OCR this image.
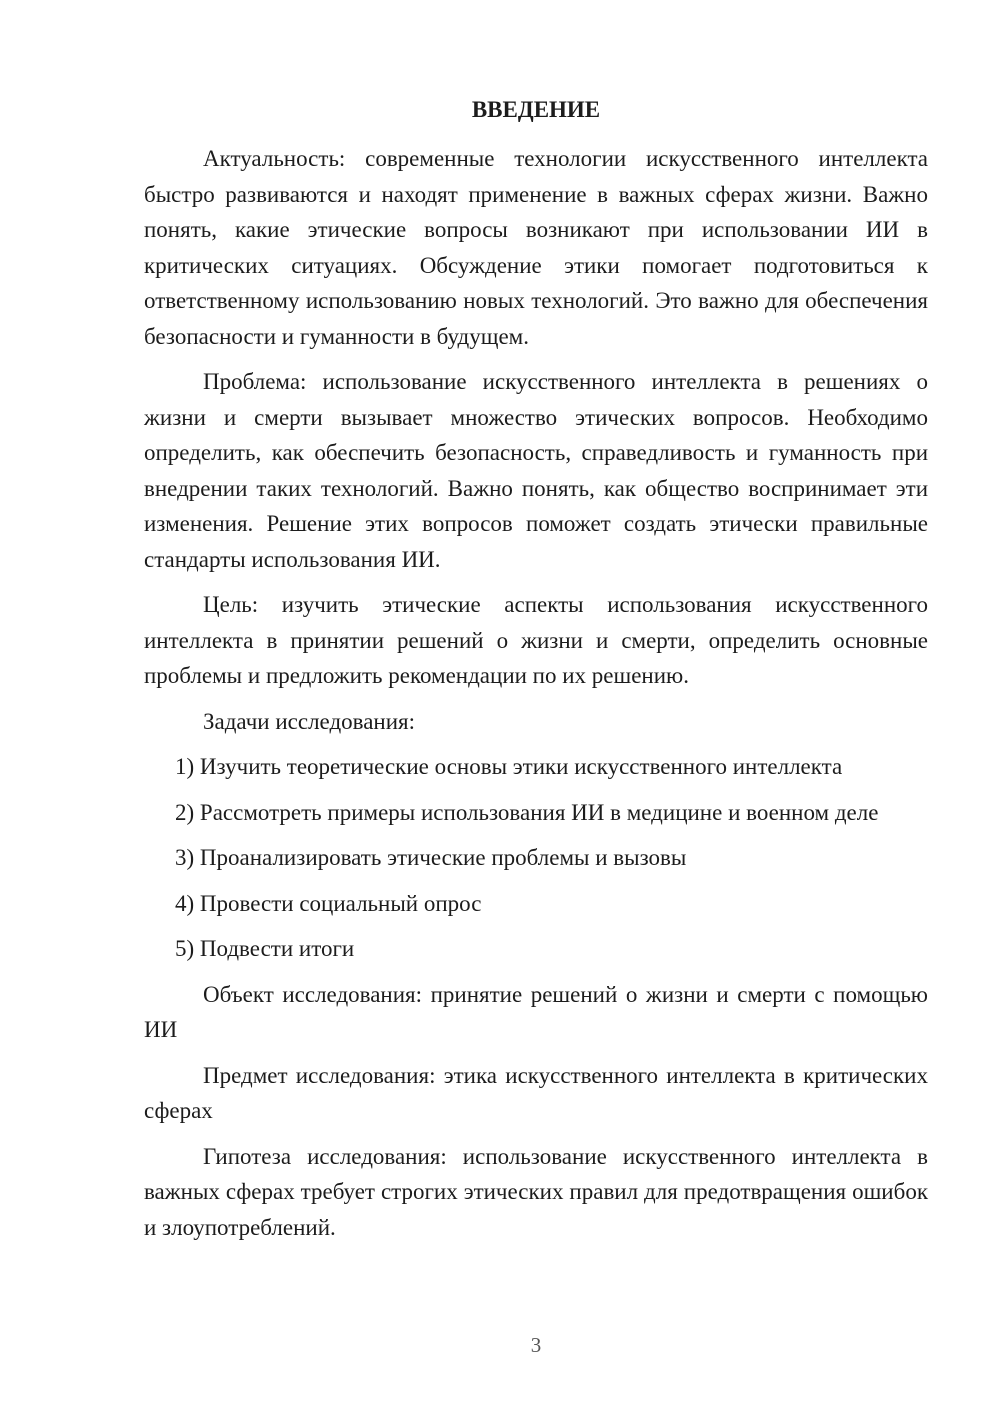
ВВЕДЕНИЕ

Актуальность: современные технологии искусственного интеллекта быстро развиваются и находят применение в важных сферах жизни. Важно понять, какие этические вопросы возникают при использовании ИИ в критических ситуациях. Обсуждение этики помогает подготовиться к ответственному использованию новых технологий. Это важно для обеспечения безопасности и гуманности в будущем.

Проблема: использование искусственного интеллекта в решениях о жизни и смерти вызывает множество этических вопросов. Необходимо определить, как обеспечить безопасность, справедливость и гуманность при внедрении таких технологий. Важно понять, как общество воспринимает эти изменения. Решение этих вопросов поможет создать этически правильные стандарты использования ИИ.

Цель: изучить этические аспекты использования искусственного интеллекта в принятии решений о жизни и смерти, определить основные проблемы и предложить рекомендации по их решению.

Задачи исследования:

1) Изучить теоретические основы этики искусственного интеллекта

2) Рассмотреть примеры использования ИИ в медицине и военном деле

3) Проанализировать этические проблемы и вызовы

4) Провести социальный опрос

5) Подвести итоги

Объект исследования: принятие решений о жизни и смерти с помощью ИИ

Предмет исследования: этика искусственного интеллекта в критических сферах

Гипотеза исследования: использование искусственного интеллекта в важных сферах требует строгих этических правил для предотвращения ошибок и злоупотреблений.

3
